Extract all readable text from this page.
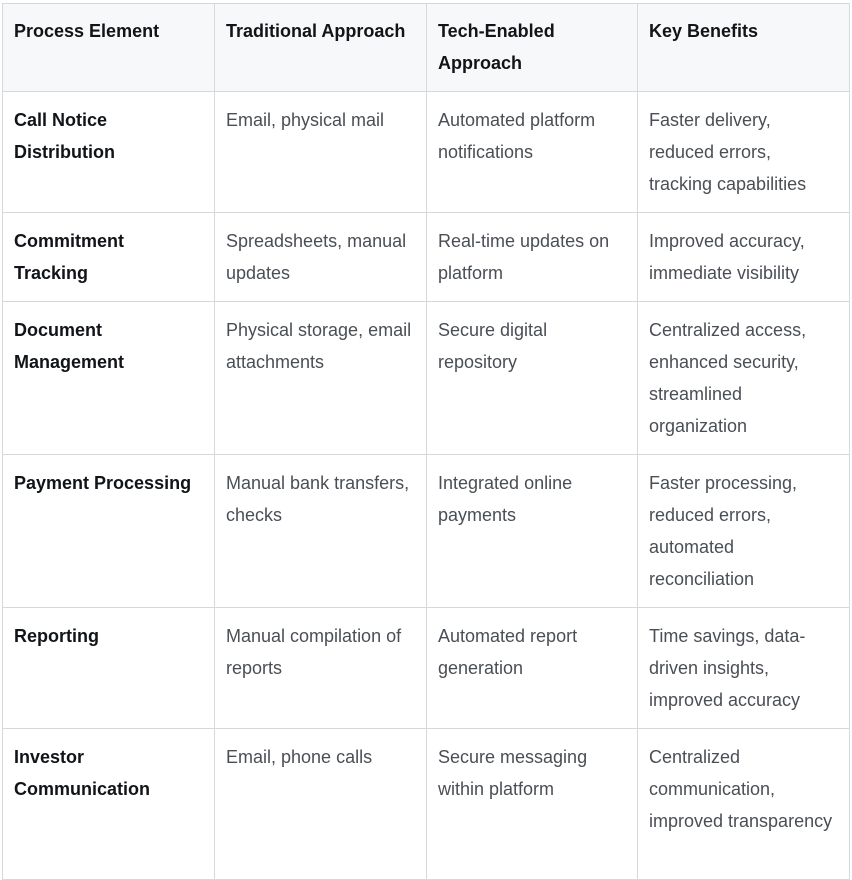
Process Element	Traditional Approach	Tech-Enabled Approach	Key Benefits
Call Notice Distribution	Email, physical mail	Automated platform notifications	Faster delivery, reduced errors, tracking capabilities
Commitment Tracking	Spreadsheets, manual updates	Real-time updates on platform	Improved accuracy, immediate visibility
Document Management	Physical storage, email attachments	Secure digital repository	Centralized access, enhanced security, streamlined organization
Payment Processing	Manual bank transfers, checks	Integrated online payments	Faster processing, reduced errors, automated reconciliation
Reporting	Manual compilation of reports	Automated report generation	Time savings, data-driven insights, improved accuracy
Investor Communication	Email, phone calls	Secure messaging within platform	Centralized communication, improved transparency
